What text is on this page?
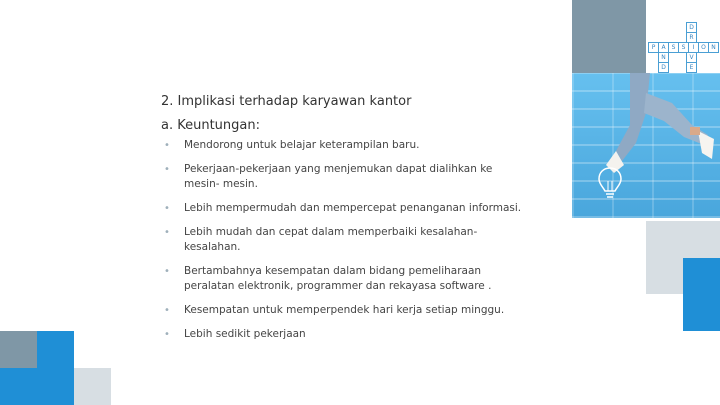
D
R
P	A	S	S	I	O N
N
D
V
E
2. Implikasi terhadap karyawan kantor
a. Keuntungan:
• Mendorong untuk belajar keterampilan baru.
• Pekerjaan-pekerjaan yang menjemukan dapat dialihkan ke mesin- mesin.
• Lebih mempermudah dan mempercepat penanganan informasi.
• Lebih mudah dan cepat dalam memperbaiki kesalahan-kesalahan.
• Bertambahnya kesempatan dalam bidang pemeliharaan peralatan elektronik, programmer dan rekayasa software .
• Kesempatan untuk memperpendek hari kerja setiap minggu.
• Lebih sedikit pekerjaan
